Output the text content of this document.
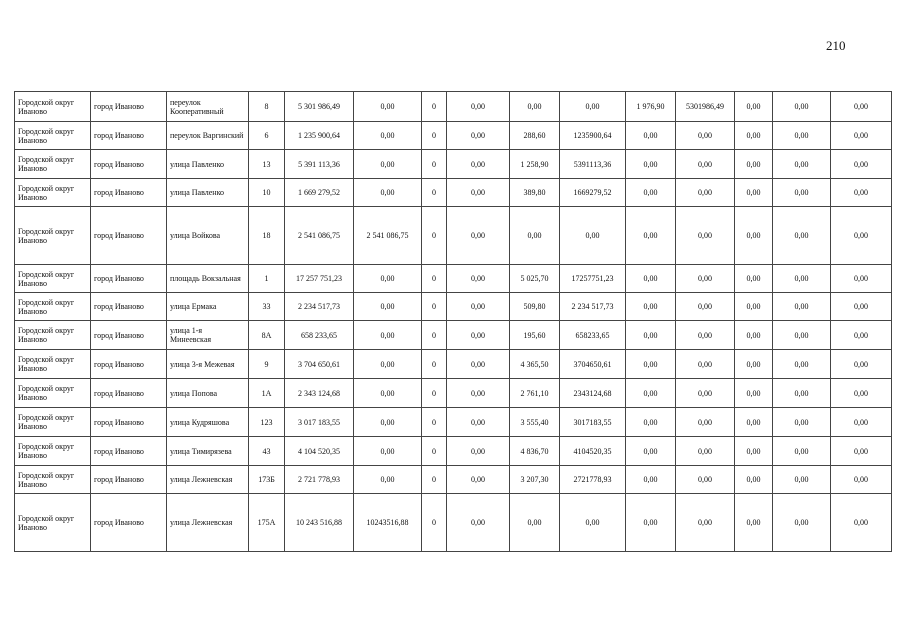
210
Городской округ Иваново	город Иваново	переулок Кооперативный	8	5 301 986,49	0,00	0	0,00	0,00	0,00	1 976,90	5301986,49	0,00	0,00	0,00
Городской округ Иваново	город Иваново	переулок Варгинский	6	1 235 900,64	0,00	0	0,00	288,60	1235900,64	0,00	0,00	0,00	0,00	0,00
Городской округ Иваново	город Иваново	улица Павленко	13	5 391 113,36	0,00	0	0,00	1 258,90	5391113,36	0,00	0,00	0,00	0,00	0,00
Городской округ Иваново	город Иваново	улица Павленко	10	1 669 279,52	0,00	0	0,00	389,80	1669279,52	0,00	0,00	0,00	0,00	0,00
Городской округ Иваново	город Иваново	улица Войкова	18	2 541 086,75	2 541 086,75	0	0,00	0,00	0,00	0,00	0,00	0,00	0,00	0,00
Городской округ Иваново	город Иваново	площадь Вокзальная	1	17 257 751,23	0,00	0	0,00	5 025,70	17257751,23	0,00	0,00	0,00	0,00	0,00
Городской округ Иваново	город Иваново	улица Ермака	33	2 234 517,73	0,00	0	0,00	509,80	2 234 517,73	0,00	0,00	0,00	0,00	0,00
Городской округ Иваново	город Иваново	улица 1-я Минеевская	8А	658 233,65	0,00	0	0,00	195,60	658233,65	0,00	0,00	0,00	0,00	0,00
Городской округ Иваново	город Иваново	улица 3-я Межевая	9	3 704 650,61	0,00	0	0,00	4 365,50	3704650,61	0,00	0,00	0,00	0,00	0,00
Городской округ Иваново	город Иваново	улица Попова	1А	2 343 124,68	0,00	0	0,00	2 761,10	2343124,68	0,00	0,00	0,00	0,00	0,00
Городской округ Иваново	город Иваново	улица Кудряшова	123	3 017 183,55	0,00	0	0,00	3 555,40	3017183,55	0,00	0,00	0,00	0,00	0,00
Городской округ Иваново	город Иваново	улица Тимирязева	43	4 104 520,35	0,00	0	0,00	4 836,70	4104520,35	0,00	0,00	0,00	0,00	0,00
Городской округ Иваново	город Иваново	улица Лежневская	173Б	2 721 778,93	0,00	0	0,00	3 207,30	2721778,93	0,00	0,00	0,00	0,00	0,00
Городской округ Иваново	город Иваново	улица Лежневская	175А	10 243 516,88	10243516,88	0	0,00	0,00	0,00	0,00	0,00	0,00	0,00	0,00
